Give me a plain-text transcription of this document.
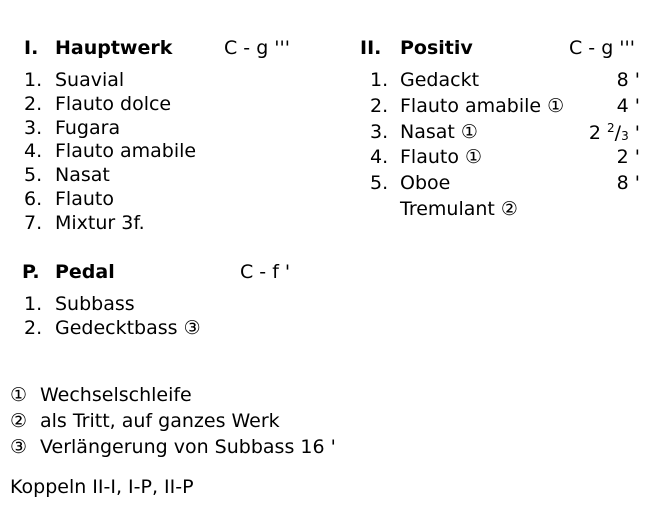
I. Hauptwerk	C - g '''
1. Suavial
2. Flauto dolce
3. Fugara
4. Flauto amabile
5. Nasat
6. Flauto
7. Mixtur 3f.
II. Positiv	C - g '''
1. Gedackt	8 '
2. Flauto amabile ①	4 '
3. Nasat ①	2 $^2$/3 '
4. Flauto ①	2 '
5. Oboe	8 '
Tremulant ②
P. Pedal	C - f '
1. Subbass
2. Gedecktbass ③
① Wechselschleife
② als Tritt, auf ganzes Werk
③ Verlängerung von Subbass 16 '
Koppeln II-I, I-P, II-P
